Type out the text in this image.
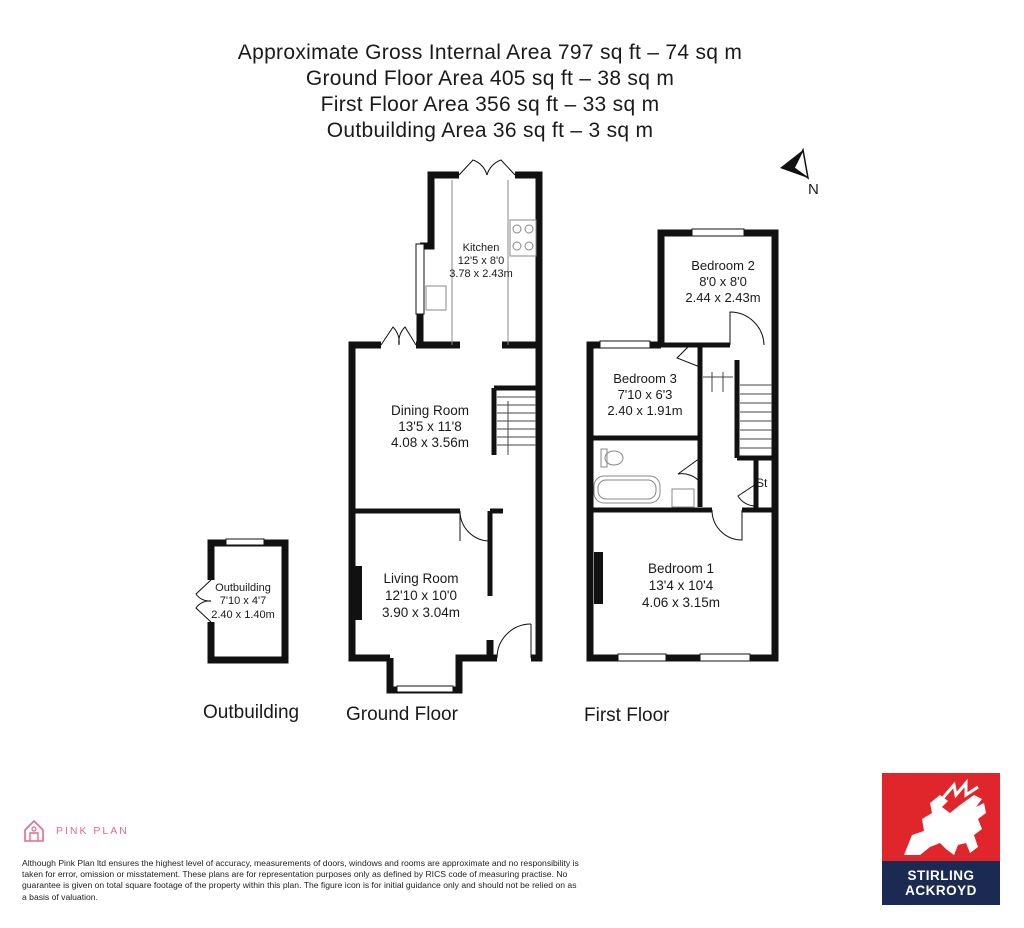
Approximate Gross Internal Area 797 sq ft – 74 sq m
Ground Floor Area 405 sq ft – 38 sq m
First Floor Area 356 sq ft – 33 sq m
Outbuilding Area 36 sq ft – 3 sq m
N
Kitchen
12'5 x 8'0
3.78 x 2.43m
Dining Room
13'5 x 11'8
4.08 x 3.56m
Living Room
12'10 x 10'0
3.90 x 3.04m
Outbuilding
7'10 x 4'7
2.40 x 1.40m
Bedroom 2
8'0 x 8'0
2.44 x 2.43m
Bedroom 3
7'10 x 6'3
2.40 x 1.91m
Bedroom 1
13'4 x 10'4
4.06 x 3.15m
St
Outbuilding Ground Floor	First Floor
PINK PLAN
Although Pink Plan ltd ensures the highest level of accuracy, measurements of doors, windows and rooms are approximate and no responsibility is taken for error, omission or misstatement. These plans are for representation purposes only as defined by RICS code of measuring practise. No guarantee is given on total square footage of the property within this plan. The figure icon is for initial guidance only and should not be relied on as a basis of valuation.
STIRLING
ACKROYD
